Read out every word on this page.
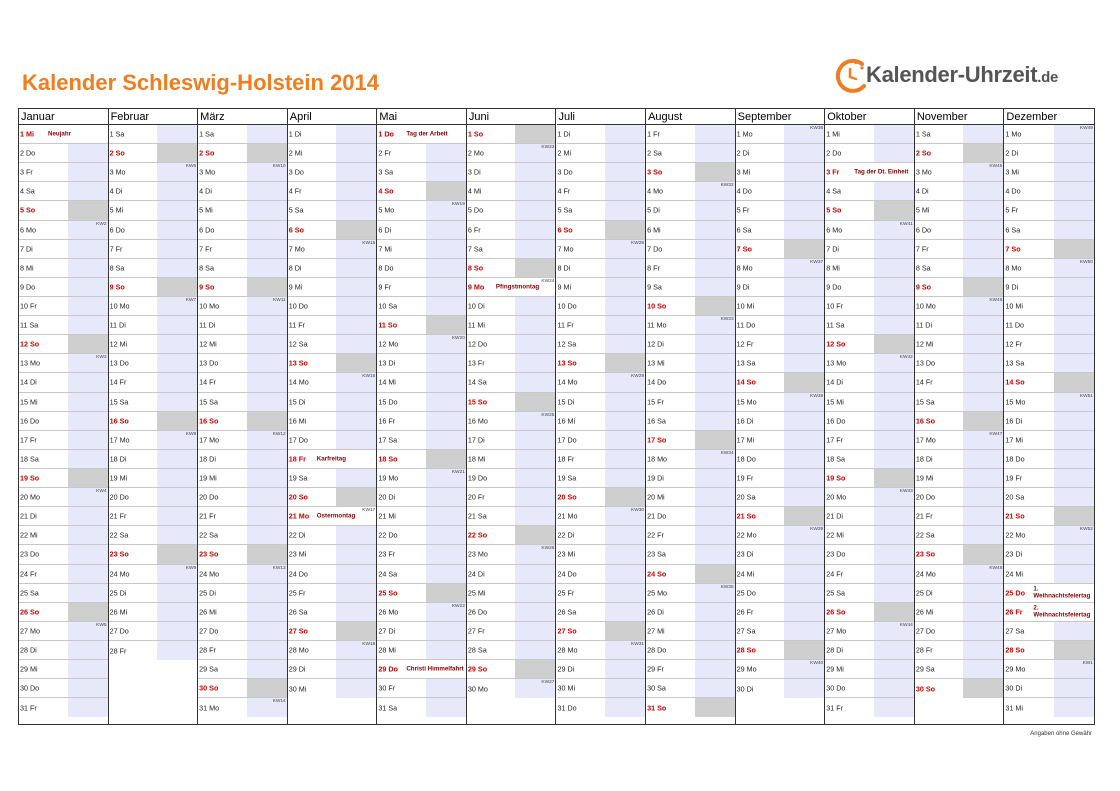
Kalender Schleswig-Holstein 2014	Kalender-Uhrzeit.de
Januar
1 Mi Neujahr
2 Do
3 Fr
4 Sa
5 So
6 Mo
KW2
7 Di
8 Mi
9 Do
10 Fr
11 Sa
12 So
13 Mo
KW3
14 Di
15 Mi
16 Do
17 Fr
18 Sa
19 So
20 Mo
KW4
21 Di
22 Mi
23 Do
24 Fr
25 Sa
26 So
27 Mo
KW5
28 Di
29 Mi
30 Do
31 Fr
Februar
1 Sa
2 So
3 Mo
KW6
4 Di
5 Mi
6 Do
7 Fr
8 Sa
9 So
10 Mo
KW7
11 Di
12 Mi
13 Do
14 Fr
15 Sa
16 So
17 Mo
KW8
18 Di
19 Mi
20 Do
21 Fr
22 Sa
23 So
24 Mo
KW9
25 Di
26 Mi
27 Do
28 Fr
März
1 Sa
2 So
3 Mo
KW10
4 Di
5 Mi
6 Do
7 Fr
8 Sa
9 So
10 Mo
KW11
11 Di
12 Mi
13 Do
14 Fr
15 Sa
16 So
17 Mo
KW12
18 Di
19 Mi
20 Do
21 Fr
22 Sa
23 So
24 Mo
KW13
25 Di
26 Mi
27 Do
28 Fr
29 Sa
30 So
31 Mo
KW14
April
1 Di
2 Mi
3 Do
4 Fr
5 Sa
6 So
7 Mo
KW15
8 Di
9 Mi
10 Do
11 Fr
12 Sa
13 So
14 Mo
KW16
15 Di
16 Mi
17 Do
18 Fr Karfreitag
19 Sa
20 So
21 Mo
KW17
Ostermontag
22 Di
23 Mi
24 Do
25 Fr
26 Sa
27 So
28 Mo
KW18
29 Di
30 Mi
Mai
1 Do Tag der Arbeit
2 Fr
3 Sa
4 So
5 Mo
KW19
6 Di
7 Mi
8 Do
9 Fr
10 Sa
11 So
12 Mo
KW20
13 Di
14 Mi
15 Do
16 Fr
17 Sa
18 So
19 Mo
KW21
20 Di
21 Mi
22 Do
23 Fr
24 Sa
25 So
26 Mo
KW22
27 Di
28 Mi
29 Do Christi Himmelfahrt
30 Fr
31 Sa
Juni
1 So
2 Mo
KW23
3 Di
4 Mi
5 Do
6 Fr
7 Sa
8 So
9 Mo
KW24
Pfingstmontag
10 Di
11 Mi
12 Do
13 Fr
14 Sa
15 So
16 Mo
KW25
17 Di
18 Mi
19 Do
20 Fr
21 Sa
22 So
23 Mo
KW26
24 Di
25 Mi
26 Do
27 Fr
28 Sa
29 So
30 Mo
KW27
Juli
1 Di
2 Mi
3 Do
4 Fr
5 Sa
6 So
7 Mo
KW28
8 Di
9 Mi
10 Do
11 Fr
12 Sa
13 So
14 Mo
KW29
15 Di
16 Mi
17 Do
18 Fr
19 Sa
20 So
21 Mo
KW30
22 Di
23 Mi
24 Do
25 Fr
26 Sa
27 So
28 Mo
KW31
29 Di
30 Mi
31 Do
August
1 Fr
2 Sa
3 So
4 Mo
KW32
5 Di
6 Mi
7 Do
8 Fr
9 Sa
10 So
11 Mo
KW33
12 Di
13 Mi
14 Do
15 Fr
16 Sa
17 So
18 Mo
KW34
19 Di
20 Mi
21 Do
22 Fr
23 Sa
24 So
25 Mo
KW35
26 Di
27 Mi
28 Do
29 Fr
30 Sa
31 So
September
1 Mo
KW36
2 Di
3 Mi
4 Do
5 Fr
6 Sa
7 So
8 Mo
KW37
9 Di
10 Mi
11 Do
12 Fr
13 Sa
14 So
15 Mo
KW38
16 Di
17 Mi
18 Do
19 Fr
20 Sa
21 So
22 Mo
KW39
23 Di
24 Mi
25 Do
26 Fr
27 Sa
28 So
29 Mo
KW40
30 Di
Oktober
1 Mi
2 Do
3 Fr Tag der Dt. Einheit
4 Sa
5 So
6 Mo
KW41
7 Di
8 Mi
9 Do
10 Fr
11 Sa
12 So
13 Mo
KW42
14 Di
15 Mi
16 Do
17 Fr
18 Sa
19 So
20 Mo
KW43
21 Di
22 Mi
23 Do
24 Fr
25 Sa
26 So
27 Mo
KW44
28 Di
29 Mi
30 Do
31 Fr
November
1 Sa
2 So
3 Mo
KW45
4 Di
5 Mi
6 Do
7 Fr
8 Sa
9 So
10 Mo
KW46
11 Di
12 Mi
13 Do
14 Fr
15 Sa
16 So
17 Mo
KW47
18 Di
19 Mi
20 Do
21 Fr
22 Sa
23 So
24 Mo
KW48
25 Di
26 Mi
27 Do
28 Fr
29 Sa
30 So
Dezember
1 Mo
KW49
2 Di
3 Mi
4 Do
5 Fr
6 Sa
7 So
8 Mo
KW50
9 Di
10 Mi
11 Do
12 Fr
13 Sa
14 So
15 Mo
KW51
16 Di
17 Mi
18 Do
19 Fr
20 Sa
21 So
22 Mo
KW52
23 Di
24 Mi
25 Do 1. Weihnachtsfeiertag
26 Fr 2. Weihnachtsfeiertag
27 Sa
28 So
29 Mo
KW1
30 Di
31 Mi
Angaben ohne Gewähr
